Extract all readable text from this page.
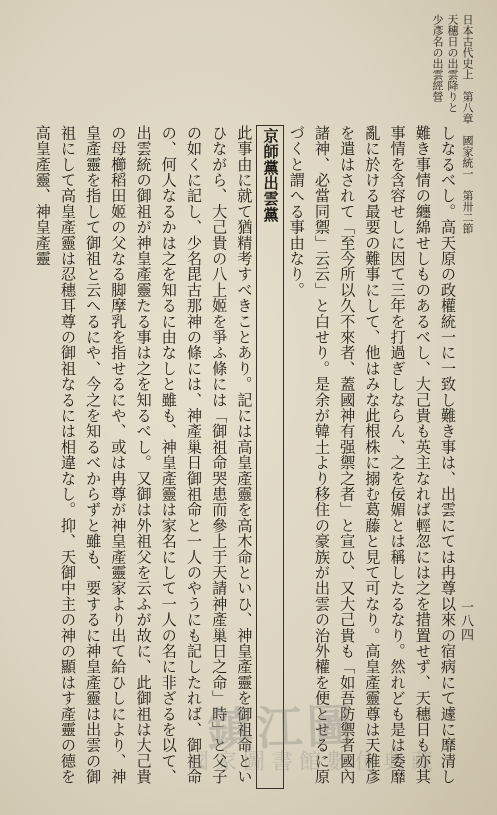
日本古代史上　第八章　國家統一　第卅二節
天穗日の出雲降りと
少彥名の出雲經營
一八四

しなるべし。高天原の政權統一に一致し難き事は、出雲にては冉尊以來の宿病にて遽に靡清し難き事情の纏綿せしものあるべし、大己貴も英主なれば輕忽には之を措置せず、天穗日も亦其事情を含容せしに因て三年を打過ぎしならん、之を佞媚とは稱したるなり。然れども是は委靡亂に於ける最要の難事にして、他はみな此根株に搦む葛藤と見て可なり。高皇產靈尊は天稚彥を遣はされて「至今所以久不來者、蓋國神有强禦之者」と宣ひ、又大己貴も「如吾防禦者國內諸神、必當同禦」云云」と白せり。是余が韓土より移住の豪族が出雲の治外權を便とせるに原づくと謂へる事由なり。

京師黨出雲黨

此事由に就て猶精考すべきことあり。記には高皇產靈を高木命といひ、神皇產靈を御祖命といひながら、大己貴の八上姬を爭ふ條には「御祖命哭患而參上于天請神產巢日之命」時」と父子の如くに記し、少名毘古那神の條には、神產巢日御祖命と一人のやうにも記したれば、御祖命の、何人なるかは之を知るに由なしと雖も、神皇產靈は家名にして一人の名に非ざるを以て、出雲統の御祖が神皇產靈たる事は之を知るべし。又御は外祖父を云ふが故に、此御祖は大己貴の母櫛稻田姬の父なる脚摩乳を指せるにや、或は冉尊が神皇產靈家より出て給ひしにより、神皇產靈を指して御祖と云へるにや、今之を知るべからずと雖も、要するに神皇產靈は出雲の御祖にして高皇產靈は忍穗耳尊の御祖なるには相違なし。抑、天御中主の神の顯はす產靈の德を高皇產靈、神皇產靈

鎮江圖
國家圖書館數位典藏
